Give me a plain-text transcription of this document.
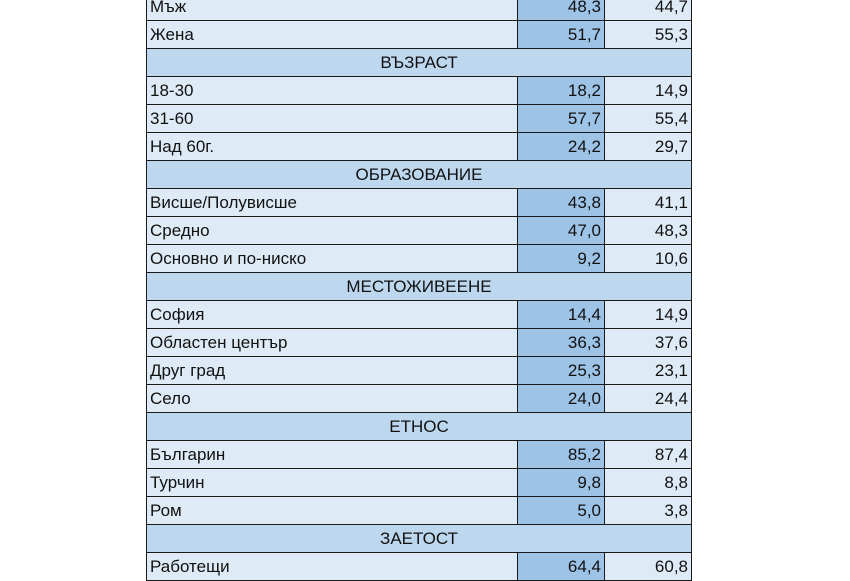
Мъж	48,3	44,7
Жена	51,7	55,3
ВЪЗРАСТ		
18-30	18,2	14,9
31-60	57,7	55,4
Над 60г.	24,2	29,7
ОБРАЗОВАНИЕ		
Висше/Полувисше	43,8	41,1
Средно	47,0	48,3
Основно и по-ниско	9,2	10,6
МЕСТОЖИВЕЕНЕ		
София	14,4	14,9
Областен център	36,3	37,6
Друг град	25,3	23,1
Село	24,0	24,4
ЕТНОС		
Българин	85,2	87,4
Турчин	9,8	8,8
Ром	5,0	3,8
ЗАЕТОСТ		
Работещи	64,4	60,8
